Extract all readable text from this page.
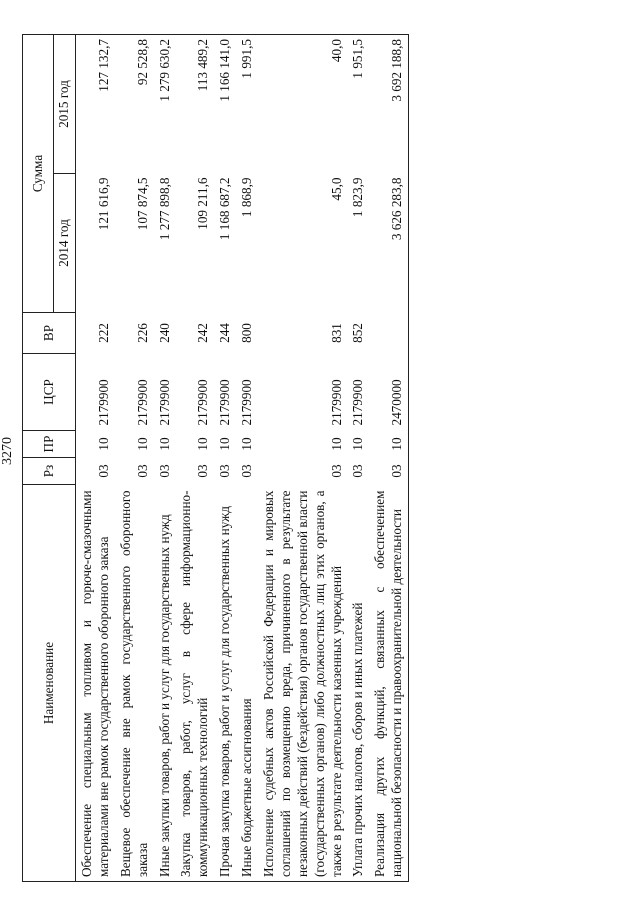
3270
Наименование	Рз	ПР	ЦСР	ВР	Сумма	
					2014 год	2015 год
Обеспечение специальным топливом и горюче-смазочными материалами вне рамок государственного оборонного заказа	03	10	2179900	222	121 616,9	127 132,7
Вещевое обеспечение вне рамок государственного оборонного заказа	03	10	2179900	226	107 874,5	92 528,8
Иные закупки товаров, работ и услуг для государственных нужд	03	10	2179900	240	1 277 898,8	1 279 630,2
Закупка товаров, работ, услуг в сфере информационно-коммуникационных технологий	03	10	2179900	242	109 211,6	113 489,2
Прочая закупка товаров, работ и услуг для государственных нужд	03	10	2179900	244	1 168 687,2	1 166 141,0
Иные бюджетные ассигнования	03	10	2179900	800	1 868,9	1 991,5
Исполнение судебных актов Российской Федерации и мировых соглашений по возмещению вреда, причиненного в результате незаконных действий (бездействия) органов государственной власти (государственных органов) либо должностных лиц этих органов, а также в результате деятельности казенных учреждений	03	10	2179900	831	45,0	40,0
Уплата прочих налогов, сборов и иных платежей	03	10	2179900	852	1 823,9	1 951,5
Реализация других функций, связанных с обеспечением национальной безопасности и правоохранительной деятельности	03	10	2470000		3 626 283,8	3 692 188,8
